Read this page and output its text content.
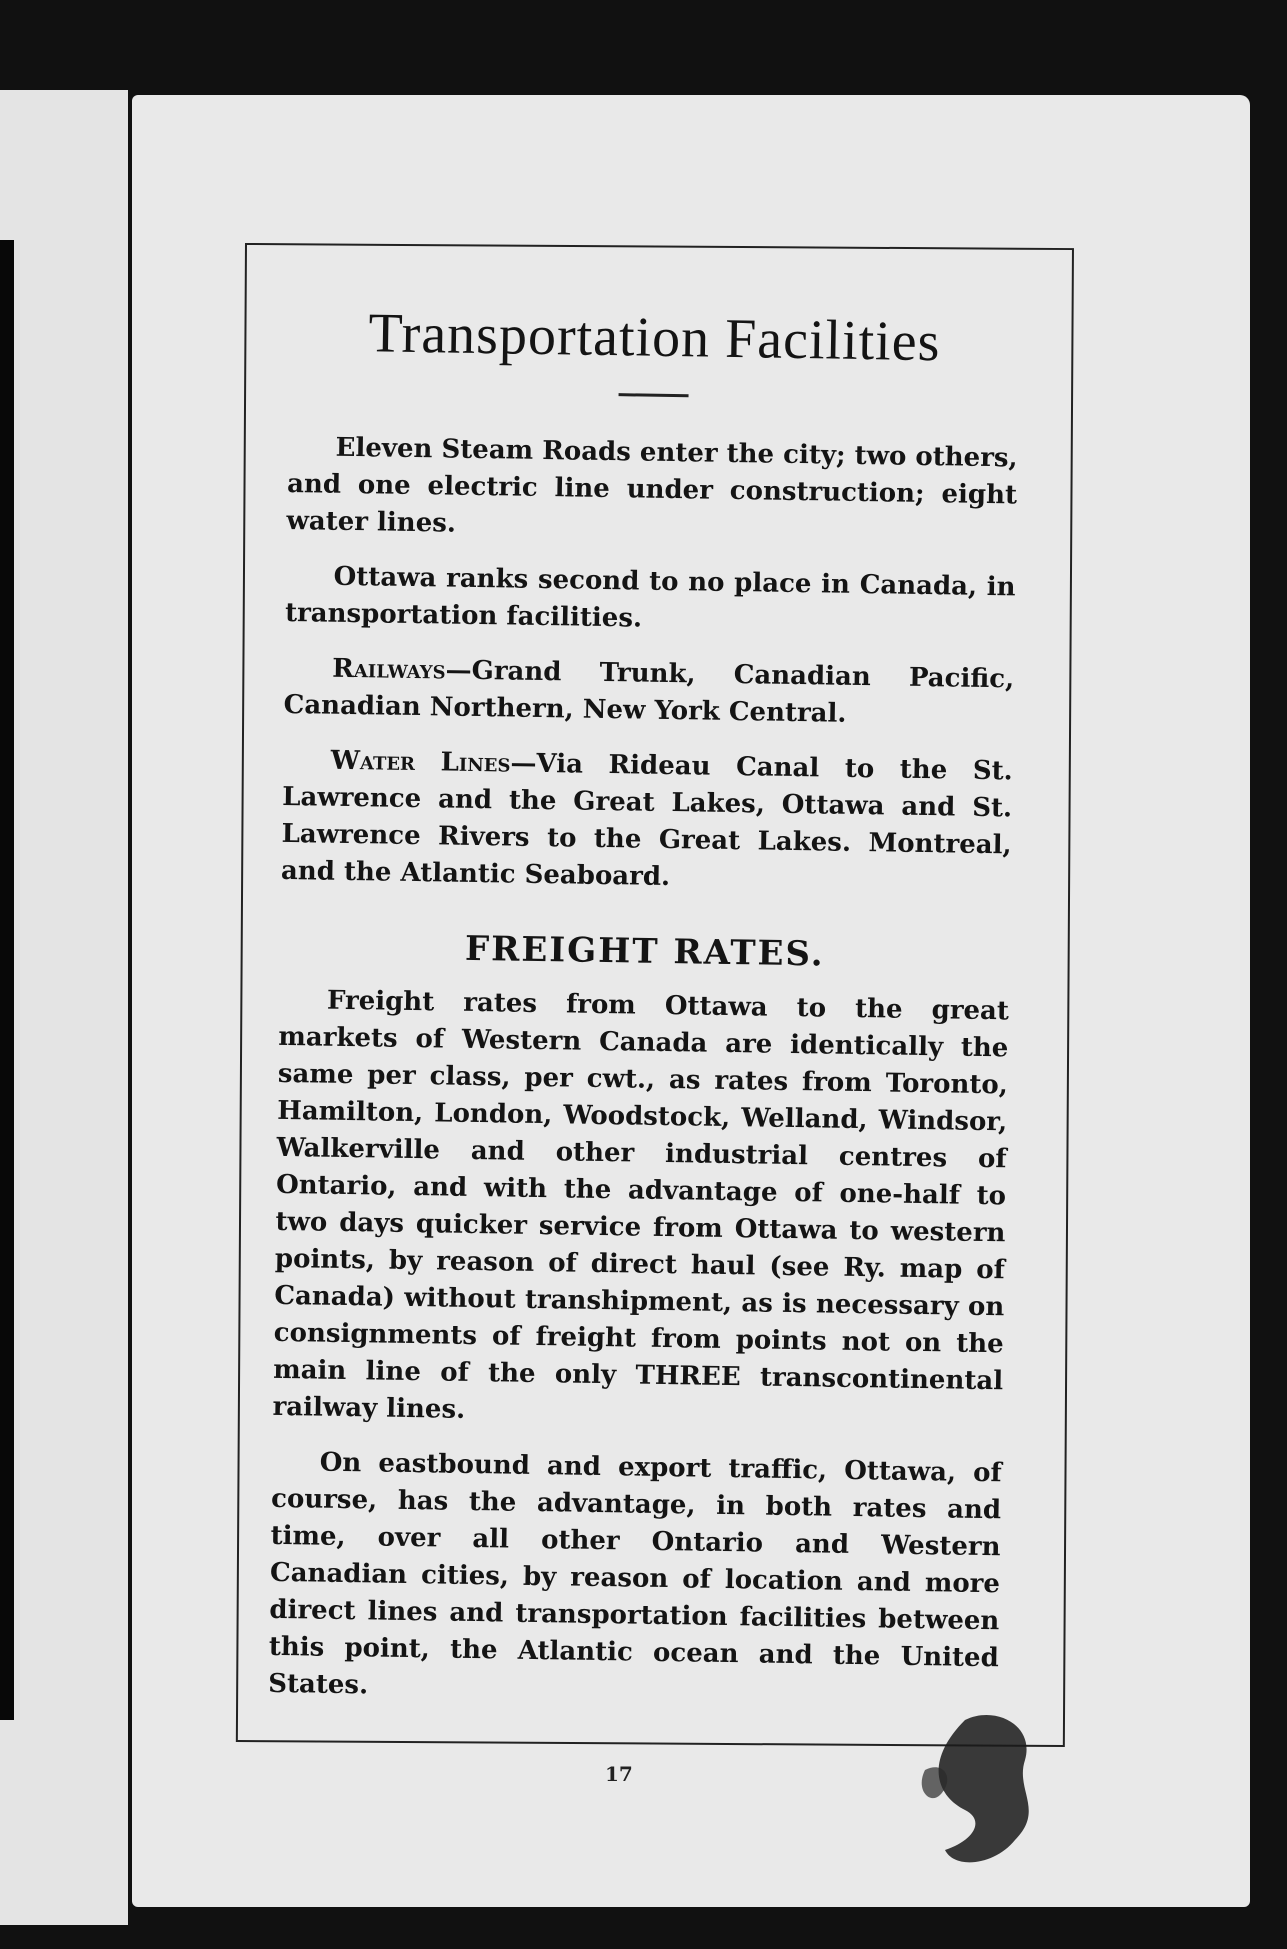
Transportation Facilities

Eleven Steam Roads enter the city; two others, and one electric line under construction; eight water lines.

Ottawa ranks second to no place in Canada, in transportation facilities.

Railways—Grand Trunk, Canadian Pacific, Canadian Northern, New York Central.

Water Lines—Via Rideau Canal to the St. Lawrence and the Great Lakes, Ottawa and St. Lawrence Rivers to the Great Lakes. Montreal, and the Atlantic Seaboard.

FREIGHT RATES.

Freight rates from Ottawa to the great markets of Western Canada are identically the same per class, per cwt., as rates from Toronto, Hamilton, London, Woodstock, Welland, Windsor, Walkerville and other industrial centres of Ontario, and with the advantage of one-half to two days quicker service from Ottawa to western points, by reason of direct haul (see Ry. map of Canada) without transhipment, as is necessary on consignments of freight from points not on the main line of the only THREE transcontinental railway lines.

On eastbound and export traffic, Ottawa, of course, has the advantage, in both rates and time, over all other Ontario and Western Canadian cities, by reason of location and more direct lines and transportation facilities between this point, the Atlantic ocean and the United States.

17
